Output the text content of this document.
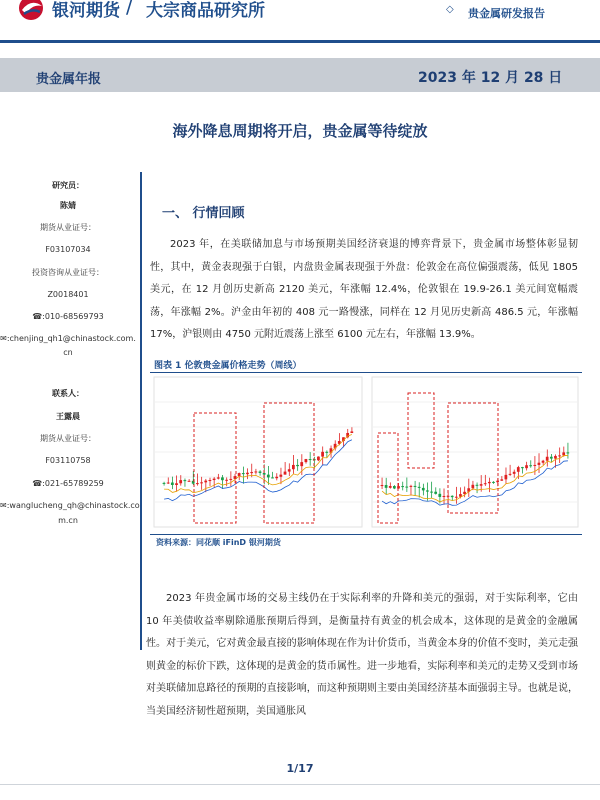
银河期货 / 大宗商品研究所	◇ 贵金属研发报告
贵金属年报	2023 年 12 月 28 日
海外降息周期将开启，贵金属等待绽放
研究员：
陈婧
期货从业证号：
F03107034
投资咨询从业证号：
Z0018401
☎:010-68569793
✉:chenjing_qh1@chinastock.com.
cn
联系人：
王露晨
期货从业证号：
F03110758
☎:021-65789259
✉:wanglucheng_qh@chinastock.co
m.cn
一、 行情回顾
2023 年，在美联储加息与市场预期美国经济衰退的博弈背景下，贵金属市场整体彰显韧性，其中，黄金表现强于白银，内盘贵金属表现强于外盘：伦敦金在高位偏强震荡，低见 1805 美元，在 12 月创历史新高 2120 美元，年涨幅 12.4%，伦敦银在 19.9-26.1 美元间宽幅震荡，年涨幅 2%。沪金由年初的 408 元一路慢涨，同样在 12 月见历史新高 486.5 元，年涨幅 17%，沪银则由 4750 元附近震荡上涨至 6100 元左右，年涨幅 13.9%。
图表 1 伦敦贵金属价格走势（周线）
资料来源：同花顺 iFinD 银河期货
2023 年贵金属市场的交易主线仍在于实际利率的升降和美元的强弱，对于实际利率，它由 10 年美债收益率剔除通胀预期后得到，是衡量持有黄金的机会成本，这体现的是黄金的金融属性。对于美元，它对黄金最直接的影响体现在作为计价货币，当黄金本身的价值不变时，美元走强则黄金的标价下跌，这体现的是黄金的货币属性。进一步地看，实际利率和美元的走势又受到市场对美联储加息路径的预期的直接影响，而这种预期则主要由美国经济基本面强弱主导。也就是说，当美国经济韧性超预期，美国通胀风
1/17
